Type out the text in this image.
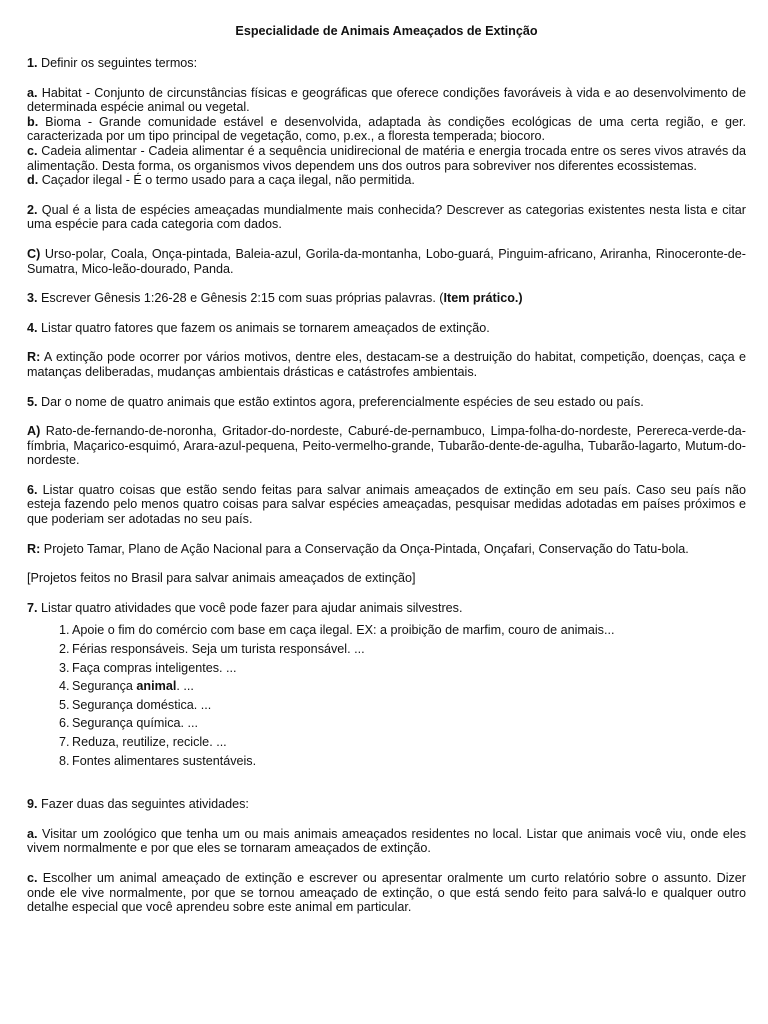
Especialidade de Animais Ameaçados de Extinção

1. Definir os seguintes termos:

a. Habitat - Conjunto de circunstâncias físicas e geográficas que oferece condições favoráveis à vida e ao desenvolvimento de determinada espécie animal ou vegetal.

b. Bioma - Grande comunidade estável e desenvolvida, adaptada às condições ecológicas de uma certa região, e ger. caracterizada por um tipo principal de vegetação, como, p.ex., a floresta temperada; biocoro.

c. Cadeia alimentar - Cadeia alimentar é a sequência unidirecional de matéria e energia trocada entre os seres vivos através da alimentação. Desta forma, os organismos vivos dependem uns dos outros para sobreviver nos diferentes ecossistemas.

d. Caçador ilegal - É o termo usado para a caça ilegal, não permitida.

2. Qual é a lista de espécies ameaçadas mundialmente mais conhecida? Descrever as categorias existentes nesta lista e citar uma espécie para cada categoria com dados.

C) Urso-polar, Coala, Onça-pintada, Baleia-azul, Gorila-da-montanha, Lobo-guará, Pinguim-africano, Ariranha, Rinoceronte-de-Sumatra, Mico-leão-dourado, Panda.

3. Escrever Gênesis 1:26-28 e Gênesis 2:15 com suas próprias palavras. (Item prático.)

4. Listar quatro fatores que fazem os animais se tornarem ameaçados de extinção.

R: A extinção pode ocorrer por vários motivos, dentre eles, destacam-se a destruição do habitat, competição, doenças, caça e matanças deliberadas, mudanças ambientais drásticas e catástrofes ambientais.

5. Dar o nome de quatro animais que estão extintos agora, preferencialmente espécies de seu estado ou país.

A) Rato-de-fernando-de-noronha, Gritador-do-nordeste, Caburé-de-pernambuco, Limpa-folha-do-nordeste, Perereca-verde-da-fímbria, Maçarico-esquimó, Arara-azul-pequena, Peito-vermelho-grande, Tubarão-dente-de-agulha, Tubarão-lagarto, Mutum-do-nordeste.

6. Listar quatro coisas que estão sendo feitas para salvar animais ameaçados de extinção em seu país. Caso seu país não esteja fazendo pelo menos quatro coisas para salvar espécies ameaçadas, pesquisar medidas adotadas em países próximos e que poderiam ser adotadas no seu país.

R: Projeto Tamar, Plano de Ação Nacional para a Conservação da Onça-Pintada, Onçafari, Conservação do Tatu-bola.

[Projetos feitos no Brasil para salvar animais ameaçados de extinção]

7. Listar quatro atividades que você pode fazer para ajudar animais silvestres.

1. Apoie o fim do comércio com base em caça ilegal. EX: a proibição de marfim, couro de animais...
2. Férias responsáveis. Seja um turista responsável. ...
3. Faça compras inteligentes. ...
4. Segurança animal. ...
5. Segurança doméstica. ...
6. Segurança química. ...
7. Reduza, reutilize, recicle. ...
8. Fontes alimentares sustentáveis.

9. Fazer duas das seguintes atividades:

a. Visitar um zoológico que tenha um ou mais animais ameaçados residentes no local. Listar que animais você viu, onde eles vivem normalmente e por que eles se tornaram ameaçados de extinção.

c. Escolher um animal ameaçado de extinção e escrever ou apresentar oralmente um curto relatório sobre o assunto. Dizer onde ele vive normalmente, por que se tornou ameaçado de extinção, o que está sendo feito para salvá-lo e qualquer outro detalhe especial que você aprendeu sobre este animal em particular.
